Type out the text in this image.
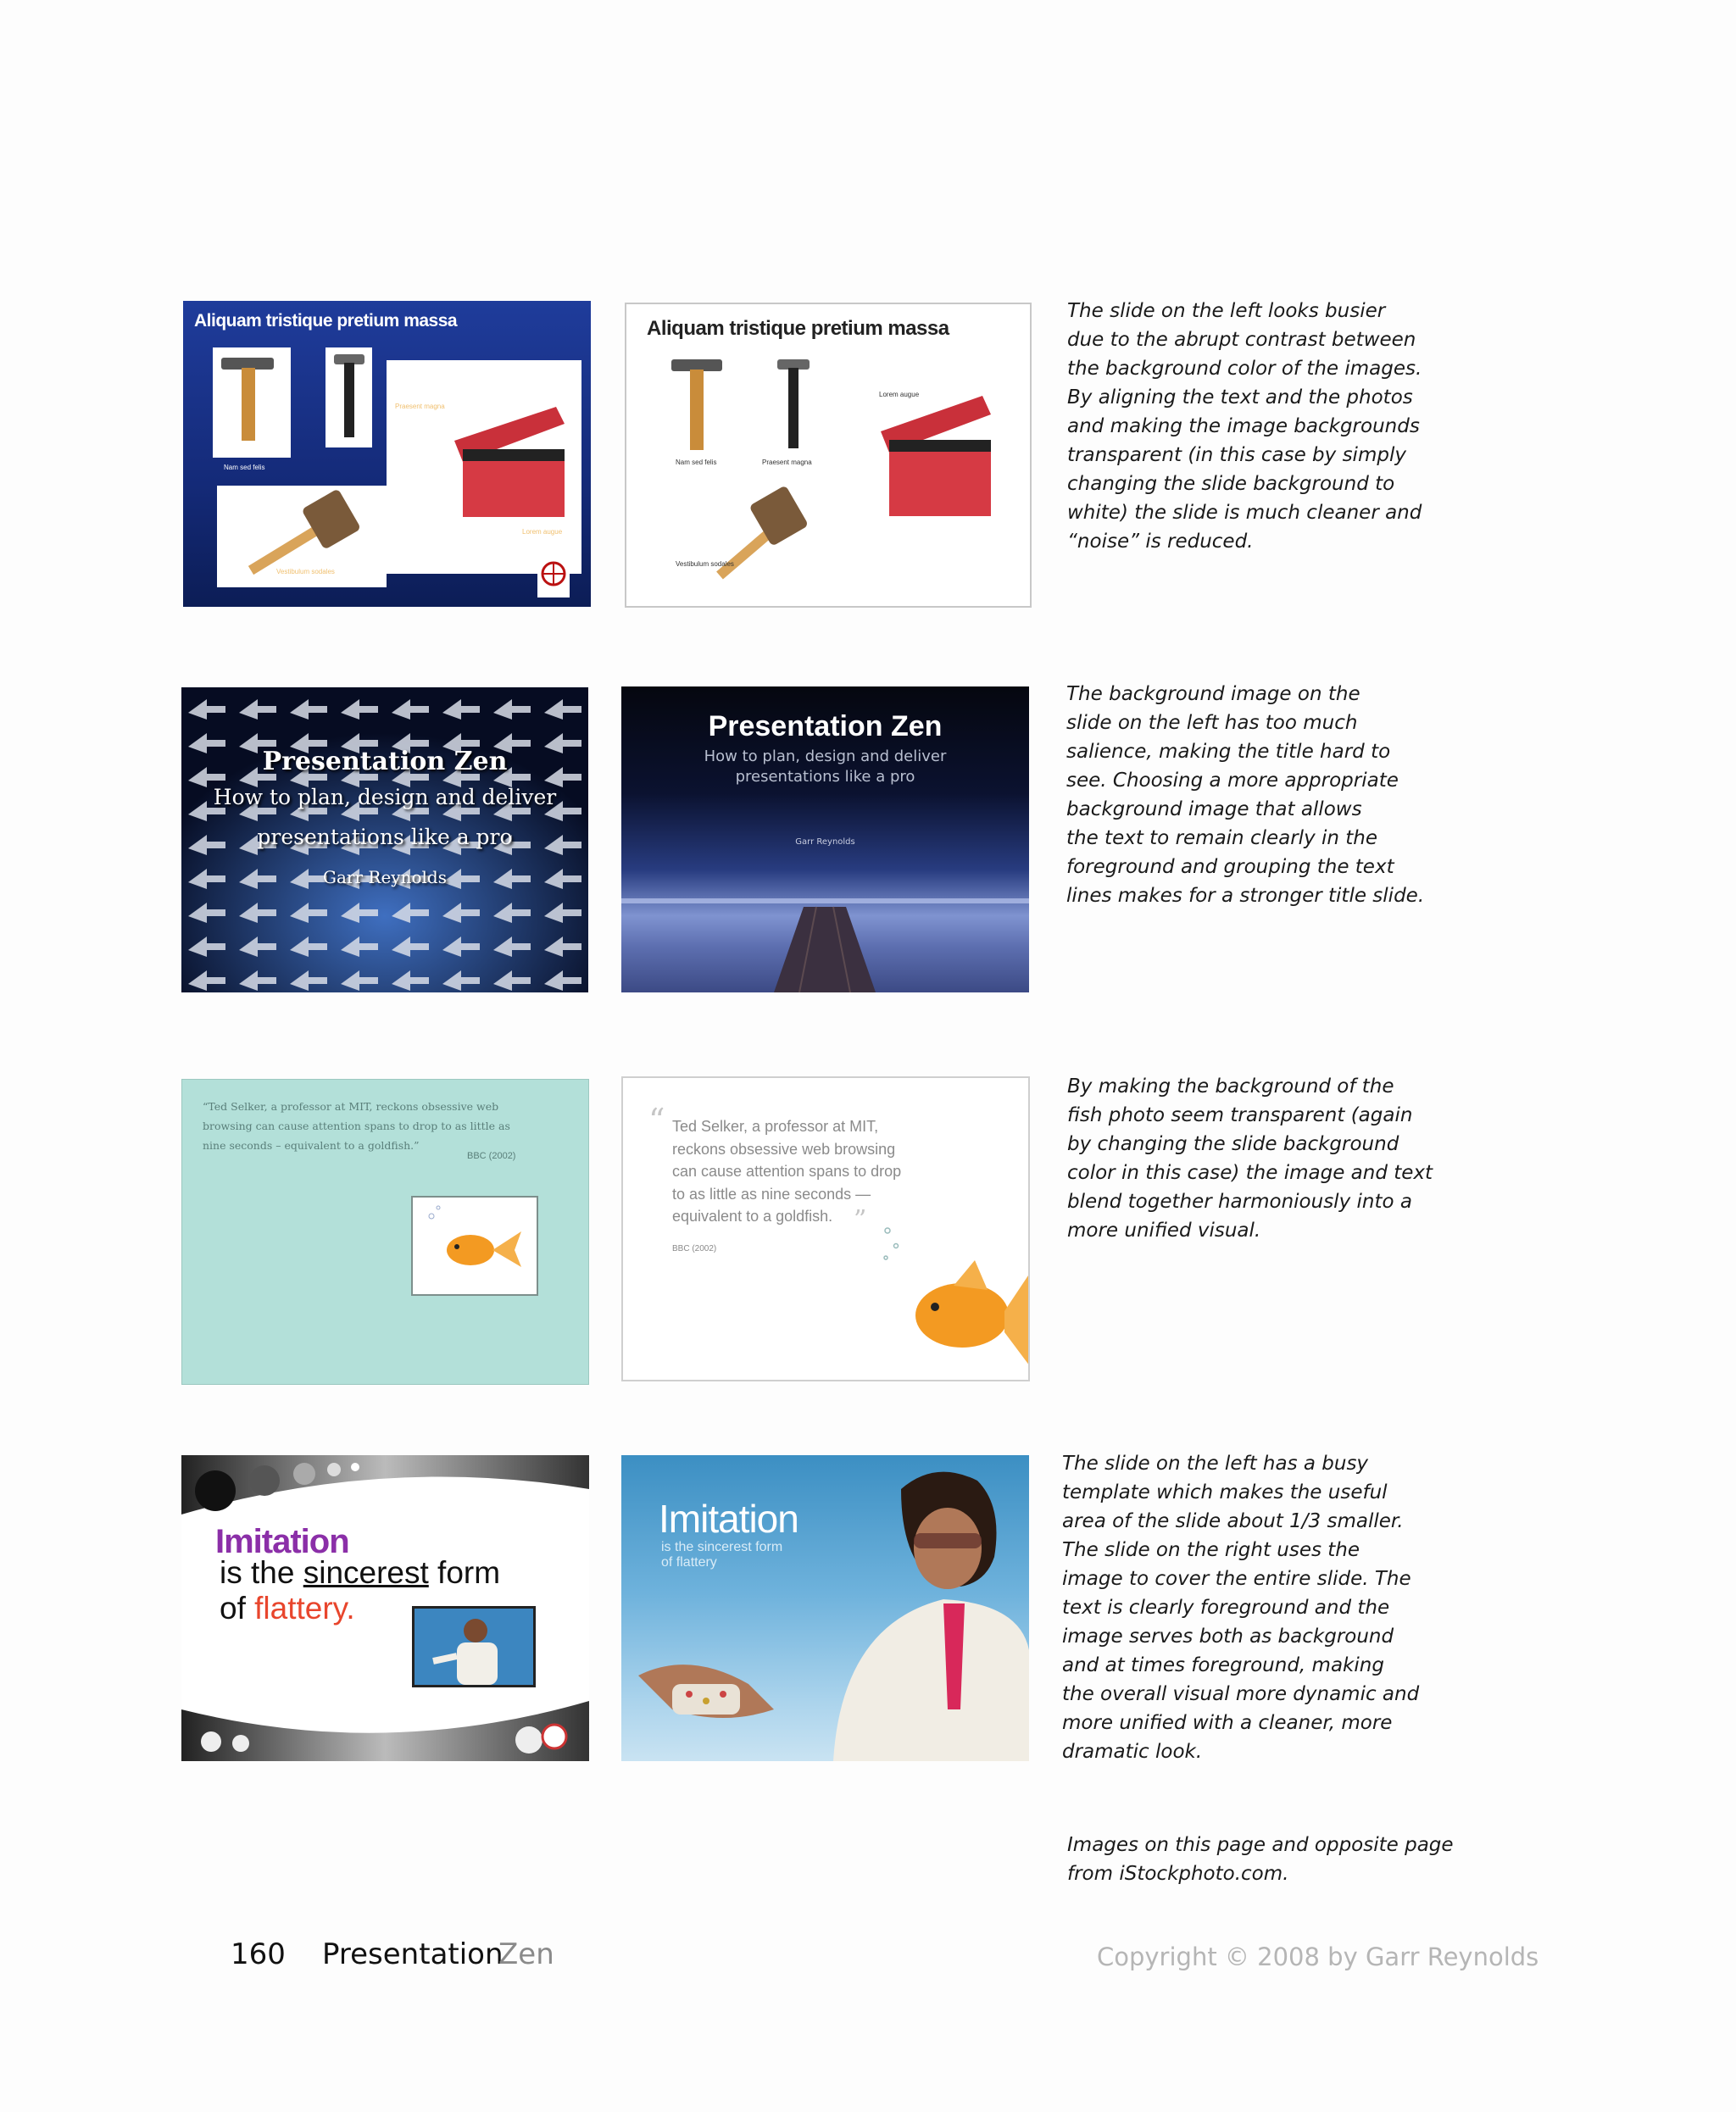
Aliquam tristique pretium massa
Nam sed felis
Praesent magna
Vestibulum sodales
Lorem augue
Aliquam tristique pretium massa
Nam sed felis	Praesent magna
Vestibulum sodales
Lorem augue
The slide on the left looks busier
due to the abrupt contrast between
the background color of the images.
By aligning the text and the photos
and making the image backgrounds
transparent (in this case by simply
changing the slide background to
white) the slide is much cleaner and
“noise” is reduced.
Presentation Zen
How to plan, design and deliver
presentations like a pro
Garr Reynolds
Presentation Zen
How to plan, design and deliver
presentations like a pro
Garr Reynolds
The background image on the
slide on the left has too much
salience, making the title hard to
see. Choosing a more appropriate
background image that allows
the text to remain clearly in the
foreground and grouping the text
lines makes for a stronger title slide.
“Ted Selker, a professor at MIT, reckons obsessive web
browsing can cause attention spans to drop to as little as
nine seconds – equivalent to a goldfish.”
BBC (2002)
“ Ted Selker, a professor at MIT,
reckons obsessive web browsing
can cause attention spans to drop
to as little as nine seconds —
equivalent to a goldfish. ”
BBC (2002)
By making the background of the
fish photo seem transparent (again
by changing the slide background
color in this case) the image and text
blend together harmoniously into a
more unified visual.
Imitation
is the sincerest form
of flattery.
Imitation
is the sincerest form
of flattery
The slide on the left has a busy
template which makes the useful
area of the slide about 1/3 smaller.
The slide on the right uses the
image to cover the entire slide. The
text is clearly foreground and the
image serves both as background
and at times foreground, making
the overall visual more dynamic and
more unified with a cleaner, more
dramatic look.
Images on this page and opposite page
from iStockphoto.com.
160 Presentation
Zen	Copyright © 2008 by Garr Reynolds
